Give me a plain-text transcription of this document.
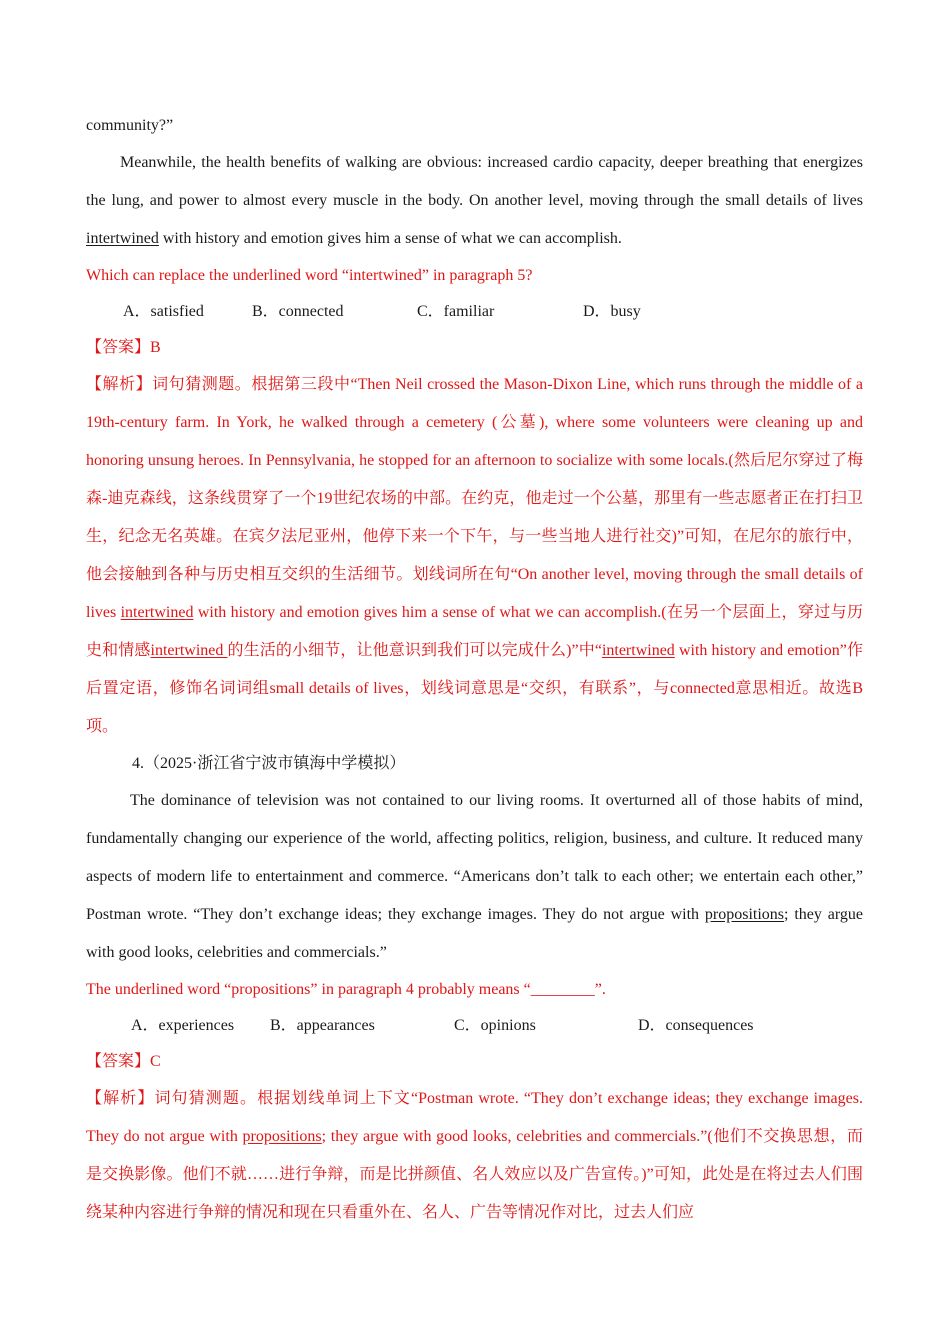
community?”

Meanwhile, the health benefits of walking are obvious: increased cardio capacity, deeper breathing that energizes the lung, and power to almost every muscle in the body. On another level, moving through the small details of lives intertwined with history and emotion gives him a sense of what we can accomplish.

Which can replace the underlined word “intertwined” in paragraph 5?

A．satisfied	B．connected	C．familiar	D．busy

【答案】B

【解析】词句猜测题。根据第三段中“Then Neil crossed the Mason-Dixon Line, which runs through the middle of a 19th-century farm. In York, he walked through a cemetery (公墓), where some volunteers were cleaning up and honoring unsung heroes. In Pennsylvania, he stopped for an afternoon to socialize with some locals.(然后尼尔穿过了梅森-迪克森线，这条线贯穿了一个19世纪农场的中部。在约克，他走过一个公墓，那里有一些志愿者正在打扫卫生，纪念无名英雄。在宾夕法尼亚州，他停下来一个下午，与一些当地人进行社交)”可知，在尼尔的旅行中，他会接触到各种与历史相互交织的生活细节。划线词所在句“On another level, moving through the small details of lives intertwined with history and emotion gives him a sense of what we can accomplish.(在另一个层面上，穿过与历史和情感intertwined 的生活的小细节，让他意识到我们可以完成什么)”中“intertwined with history and emotion”作后置定语，修饰名词词组small details of lives，划线词意思是“交织，有联系”，与connected意思相近。故选B项。

4.（2025·浙江省宁波市镇海中学模拟）

The dominance of television was not contained to our living rooms. It overturned all of those habits of mind, fundamentally changing our experience of the world, affecting politics, religion, business, and culture. It reduced many aspects of modern life to entertainment and commerce. “Americans don’t talk to each other; we entertain each other,” Postman wrote. “They don’t exchange ideas; they exchange images. They do not argue with propositions; they argue with good looks, celebrities and commercials.”

The underlined word “propositions” in paragraph 4 probably means “________”.

A．experiences	B．appearances	C．opinions	D．consequences

【答案】C

【解析】词句猜测题。根据划线单词上下文“Postman wrote. “They don’t exchange ideas; they exchange images. They do not argue with propositions; they argue with good looks, celebrities and commercials.”(他们不交换思想，而是交换影像。他们不就……进行争辩，而是比拼颜值、名人效应以及广告宣传。)”可知，此处是在将过去人们围绕某种内容进行争辩的情况和现在只看重外在、名人、广告等情况作对比，过去人们应
